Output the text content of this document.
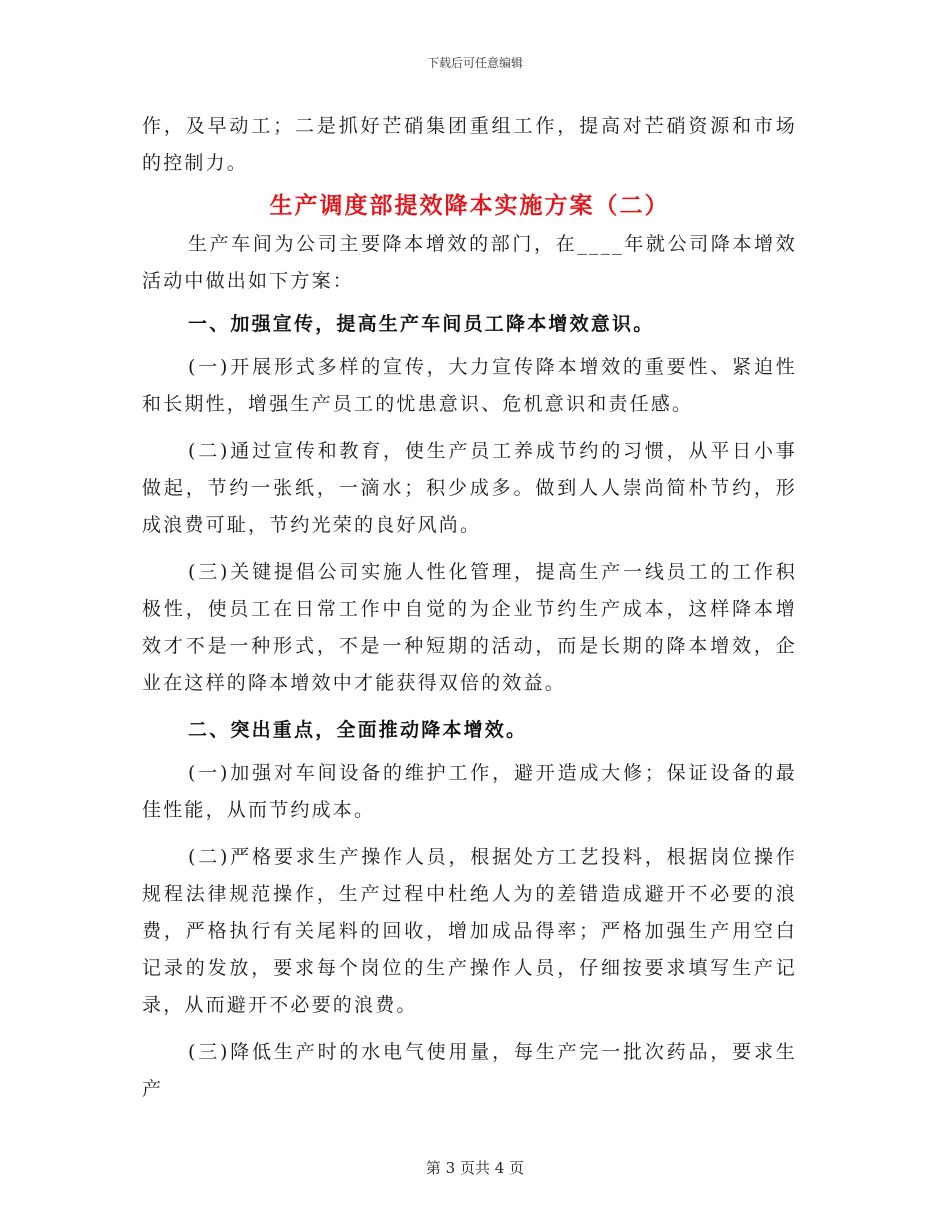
下载后可任意编辑

作，及早动工；二是抓好芒硝集团重组工作，提高对芒硝资源和市场的控制力。

生产调度部提效降本实施方案（二）

生产车间为公司主要降本增效的部门，在____年就公司降本增效活动中做出如下方案：

一、加强宣传，提高生产车间员工降本增效意识。

(一)开展形式多样的宣传，大力宣传降本增效的重要性、紧迫性和长期性，增强生产员工的忧患意识、危机意识和责任感。

(二)通过宣传和教育，使生产员工养成节约的习惯，从平日小事做起，节约一张纸，一滴水；积少成多。做到人人崇尚简朴节约，形成浪费可耻，节约光荣的良好风尚。

(三)关键提倡公司实施人性化管理，提高生产一线员工的工作积极性，使员工在日常工作中自觉的为企业节约生产成本，这样降本增效才不是一种形式，不是一种短期的活动，而是长期的降本增效，企业在这样的降本增效中才能获得双倍的效益。

二、突出重点，全面推动降本增效。

(一)加强对车间设备的维护工作，避开造成大修；保证设备的最佳性能，从而节约成本。

(二)严格要求生产操作人员，根据处方工艺投料，根据岗位操作规程法律规范操作，生产过程中杜绝人为的差错造成避开不必要的浪费，严格执行有关尾料的回收，增加成品得率；严格加强生产用空白记录的发放，要求每个岗位的生产操作人员，仔细按要求填写生产记录，从而避开不必要的浪费。

(三)降低生产时的水电气使用量，每生产完一批次药品，要求生产

第 3 页共 4 页
